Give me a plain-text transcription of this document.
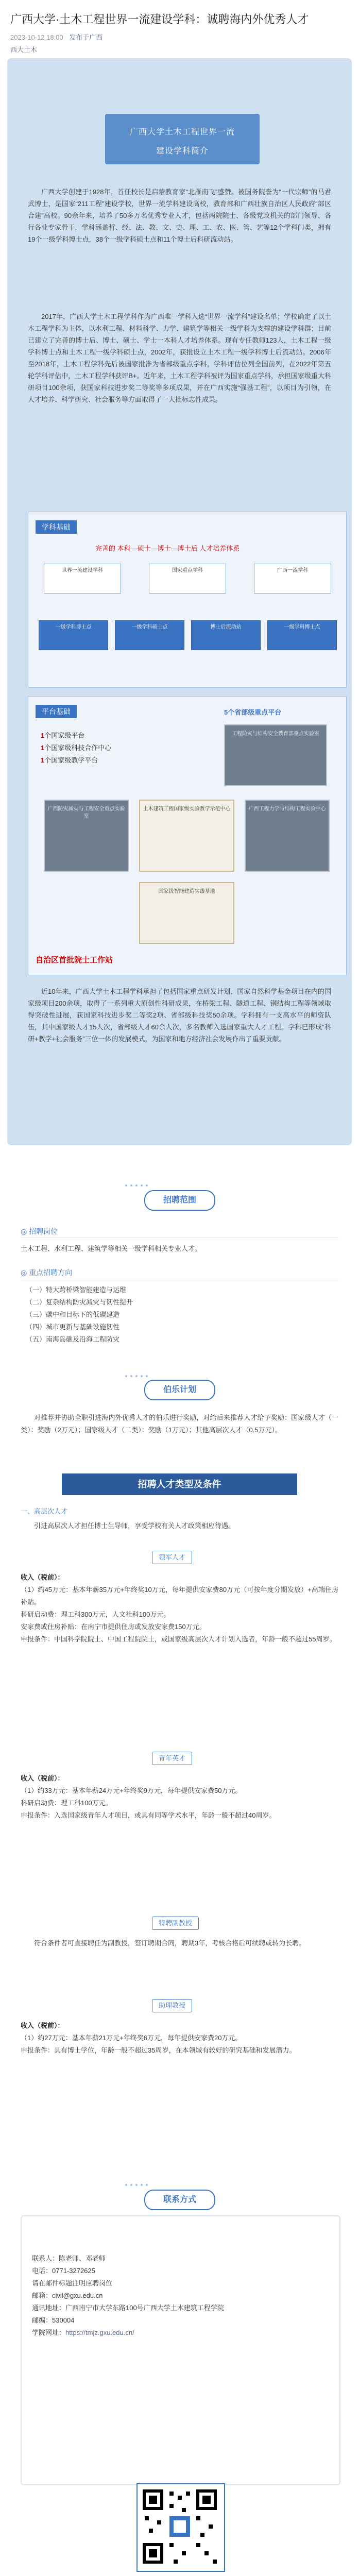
广西大学·土木工程世界一流建设学科：诚聘海内外优秀人才
2023-10-12 18:00 发布于广西
西大土木
广西大学土木工程世界一流
建设学科简介
广西大学创建于1928年，首任校长是启蒙教育家“北雁南飞”盛赞。被国务院誉为“一代宗师”的马君武博士，是国家“211工程”建设学校，世界一流学科建设高校，教育部和广西壮族自治区人民政府“部区合建”高校。90余年来，培养了50多万名优秀专业人才，包括两院院士、各级党政机关的部门领导、各行各业专家骨干，学科涵盖哲、经、法、教、文、史、理、工、农、医、管、艺等12个学科门类，拥有19个一级学科博士点，38个一级学科硕士点和11个博士后科研流动站。
2017年，广西大学土木工程学科作为广西唯一学科入选“世界一流学科”建设名单；学校确定了以土木工程学科为主体，以水利工程、材料科学、力学、建筑学等相关一级学科为支撑的建设学科群；目前已建立了完善的博士后、博士、硕士、学士一本科人才培养体系。现有专任教师123人，土木工程一级学科博士点和土木工程一级学科硕士点，2002年，获批设立土木工程一级学科博士后流动站。2006年至2018年，土木工程学科先后被国家批准为省部级重点学科，学科评估位列全国前列，在2022年第五轮学科评估中，土木工程学科获评B+。近年来，土木工程学科被评为国家重点学科，承担国家级重大科研项目100余项，获国家科技进步奖二等奖等多项成果，并在广西实施“强基工程”，以项目为引领，在人才培养、科学研究、社会服务等方面取得了一大批标志性成果。
学科基础
完善的 本科—硕士—博士—博士后 人才培养体系
世界一流建设学科	国家重点学科	广西一流学科
一级学科博士点	一级学科硕士点	博士后流动站	一级学科博士点
平台基础	5个省部级重点平台
1个国家级平台
1个国家级科技合作中心
1个国家级教学平台
工程防灾与结构安全教育部重点实验室
广西防灾减灾与工程安全重点实验室
土木建筑工程国家级实验教学示范中心	广西工程力学与结构工程实验中心
国家级智能建造实践基地
自治区首批院士工作站
近10年来，广西大学土木工程学科承担了包括国家重点研发计划、国家自然科学基金项目在内的国家级项目200余项，取得了一系列重大原创性科研成果，在桥梁工程、隧道工程、钢结构工程等领域取得突破性进展，获国家科技进步奖二等奖2项、省部级科技奖50余项。学科拥有一支高水平的师资队伍，其中国家级人才15人次，省部级人才60余人次，多名教师入选国家重大人才工程。学科已形成“科研+教学+社会服务”三位一体的发展模式，为国家和地方经济社会发展作出了重要贡献。
招聘范围
◎ 招聘岗位
土木工程、水利工程、建筑学等相关一级学科相关专业人才。
◎ 重点招聘方向
（一）特大跨桥梁智能建造与运维
（二）复杂结构防灾减灾与韧性提升
（三）碳中和目标下的低碳建造
（四）城市更新与基础设施韧性
（五）南海岛礁及沿海工程防灾
伯乐计划
对推荐并协助全职引进海内外优秀人才的伯乐进行奖励，对给后来推荐人才给予奖励：国家级人才（一类）：奖励（2万元）；国家级人才（二类）：奖励（1万元）；其他高层次人才（0.5万元）。
招聘人才类型及条件
一、高层次人才
引进高层次人才担任博士生导师，享受学校有关人才政策相应待遇。
领军人才
收入（税前）：
（1）约45万元：基本年薪35万元+年终奖10万元，每年提供安家费80万元（可按年度分期发放）+高端住房补贴。
科研启动费：理工科300万元，人文社科100万元。
安家费或住房补贴：在南宁市提供住房或发放安家费150万元。
申报条件：中国科学院院士、中国工程院院士，或国家级高层次人才计划入选者，年龄一般不超过55周岁。
青年英才
收入（税前）：
（1）约33万元：基本年薪24万元+年终奖9万元，每年提供安家费50万元。
科研启动费：理工科100万元。
申报条件：入选国家级青年人才项目，或具有同等学术水平，年龄一般不超过40周岁。
特聘副教授
符合条件者可直接聘任为副教授，签订聘期合同，聘期3年，考核合格后可续聘或转为长聘。
助理教授
收入（税前）：
（1）约27万元：基本年薪21万元+年终奖6万元，每年提供安家费20万元。
申报条件：具有博士学位，年龄一般不超过35周岁，在本领域有较好的研究基础和发展潜力。
联系方式
联系人：陈老师、邓老师
电话：0771-3272625
请在邮件标题注明应聘岗位
邮箱：civil@gxu.edu.cn
通讯地址：广西南宁市大学东路100号广西大学土木建筑工程学院
邮编：530004
学院网址：https://tmjz.gxu.edu.cn/
